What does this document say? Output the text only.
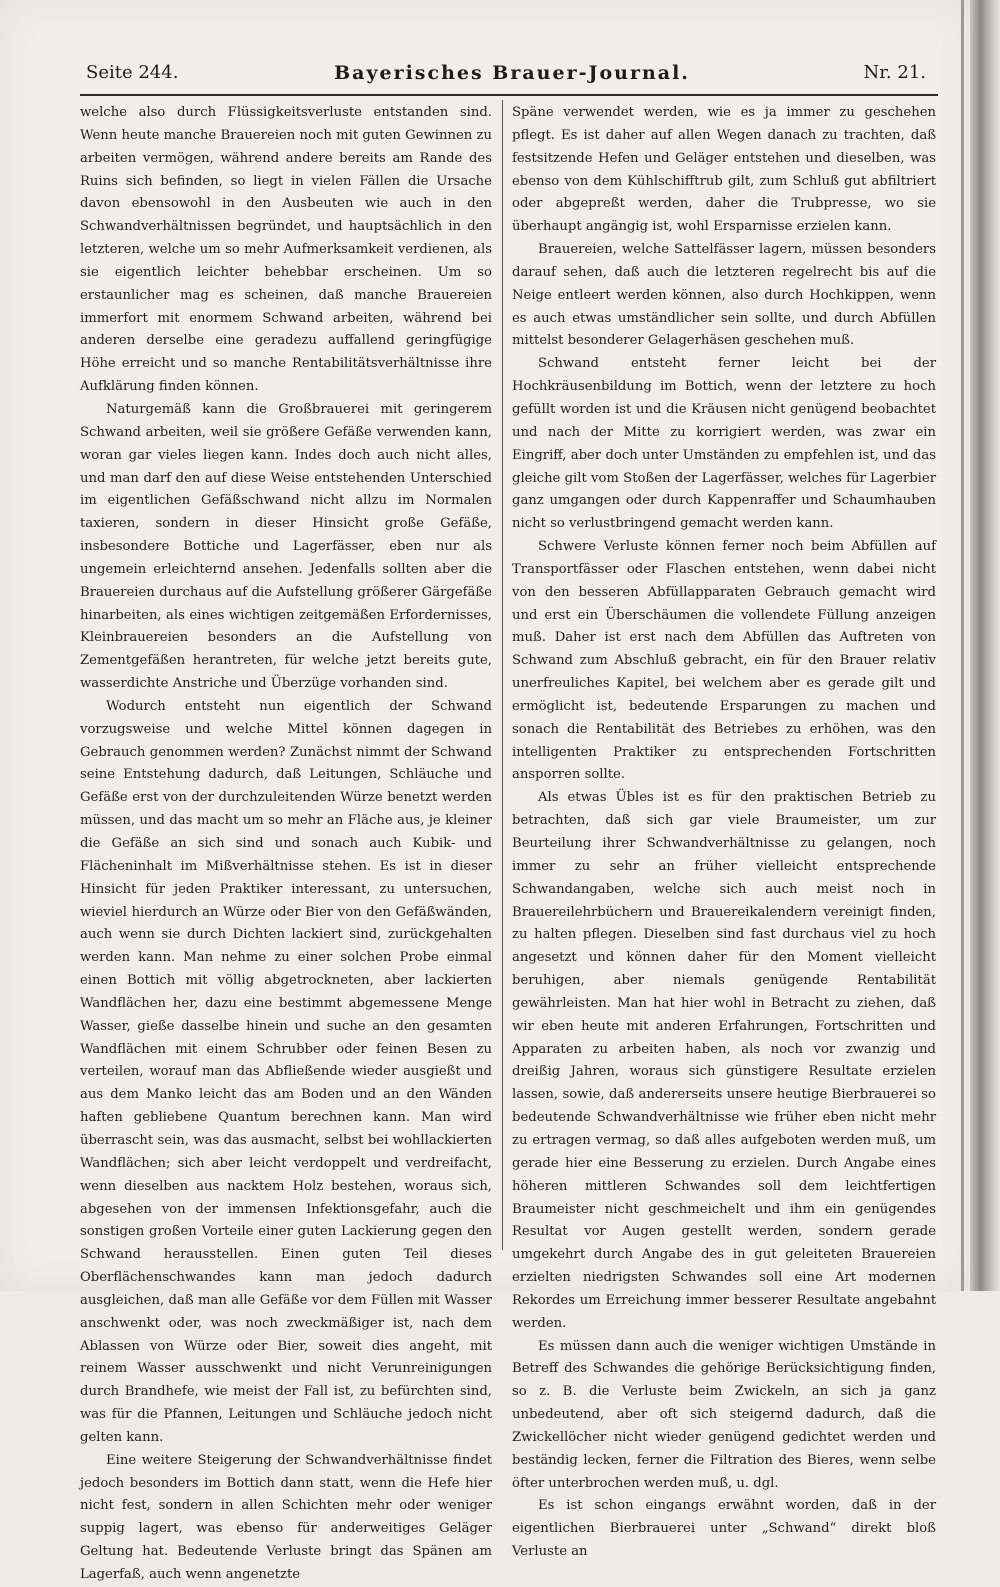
Seite 244.	Bayerisches Brauer-Journal.	Nr. 21.

welche also durch Flüssigkeitsverluste entstanden sind. Wenn heute manche Brauereien noch mit guten Gewinnen zu arbeiten vermögen, während andere bereits am Rande des Ruins sich befinden, so liegt in vielen Fällen die Ursache davon ebensowohl in den Ausbeuten wie auch in den Schwandverhältnissen begründet, und hauptsächlich in den letzteren, welche um so mehr Aufmerksamkeit verdienen, als sie eigentlich leichter behebbar erscheinen. Um so erstaunlicher mag es scheinen, daß manche Brauereien immerfort mit enormem Schwand arbeiten, während bei anderen derselbe eine geradezu auffallend geringfügige Höhe erreicht und so manche Rentabilitätsverhältnisse ihre Aufklärung finden können.

Naturgemäß kann die Großbrauerei mit geringerem Schwand arbeiten, weil sie größere Gefäße verwenden kann, woran gar vieles liegen kann. Indes doch auch nicht alles, und man darf den auf diese Weise entstehenden Unterschied im eigentlichen Gefäßschwand nicht allzu im Normalen taxieren, sondern in dieser Hinsicht große Gefäße, insbesondere Bottiche und Lagerfässer, eben nur als ungemein erleichternd ansehen. Jedenfalls sollten aber die Brauereien durchaus auf die Aufstellung größerer Gärgefäße hinarbeiten, als eines wichtigen zeitgemäßen Erfordernisses, Kleinbrauereien besonders an die Aufstellung von Zementgefäßen herantreten, für welche jetzt bereits gute, wasserdichte Anstriche und Überzüge vorhanden sind.

Wodurch entsteht nun eigentlich der Schwand vorzugsweise und welche Mittel können dagegen in Gebrauch genommen werden? Zunächst nimmt der Schwand seine Entstehung dadurch, daß Leitungen, Schläuche und Gefäße erst von der durchzuleitenden Würze benetzt werden müssen, und das macht um so mehr an Fläche aus, je kleiner die Gefäße an sich sind und sonach auch Kubik- und Flächeninhalt im Mißverhältnisse stehen. Es ist in dieser Hinsicht für jeden Praktiker interessant, zu untersuchen, wieviel hierdurch an Würze oder Bier von den Gefäßwänden, auch wenn sie durch Dichten lackiert sind, zurückgehalten werden kann. Man nehme zu einer solchen Probe einmal einen Bottich mit völlig abgetrockneten, aber lackierten Wandflächen her, dazu eine bestimmt abgemessene Menge Wasser, gieße dasselbe hinein und suche an den gesamten Wandflächen mit einem Schrubber oder feinen Besen zu verteilen, worauf man das Abfließende wieder ausgießt und aus dem Manko leicht das am Boden und an den Wänden haften gebliebene Quantum berechnen kann. Man wird überrascht sein, was das ausmacht, selbst bei wohllackierten Wandflächen; sich aber leicht verdoppelt und verdreifacht, wenn dieselben aus nacktem Holz bestehen, woraus sich, abgesehen von der immensen Infektionsgefahr, auch die sonstigen großen Vorteile einer guten Lackierung gegen den Schwand herausstellen. Einen guten Teil dieses Oberflächenschwandes kann man jedoch dadurch ausgleichen, daß man alle Gefäße vor dem Füllen mit Wasser anschwenkt oder, was noch zweckmäßiger ist, nach dem Ablassen von Würze oder Bier, soweit dies angeht, mit reinem Wasser ausschwenkt und nicht Verunreinigungen durch Brandhefe, wie meist der Fall ist, zu befürchten sind, was für die Pfannen, Leitungen und Schläuche jedoch nicht gelten kann.

Eine weitere Steigerung der Schwandverhältnisse findet jedoch besonders im Bottich dann statt, wenn die Hefe hier nicht fest, sondern in allen Schichten mehr oder weniger suppig lagert, was ebenso für anderweitiges Geläger Geltung hat. Bedeutende Verluste bringt das Spänen am Lagerfaß, auch wenn angenetzte

Späne verwendet werden, wie es ja immer zu geschehen pflegt. Es ist daher auf allen Wegen danach zu trachten, daß festsitzende Hefen und Geläger entstehen und dieselben, was ebenso von dem Kühlschifftrub gilt, zum Schluß gut abfiltriert oder abgepreßt werden, daher die Trubpresse, wo sie überhaupt angängig ist, wohl Ersparnisse erzielen kann.

Brauereien, welche Sattelfässer lagern, müssen besonders darauf sehen, daß auch die letzteren regelrecht bis auf die Neige entleert werden können, also durch Hochkippen, wenn es auch etwas umständlicher sein sollte, und durch Abfüllen mittelst besonderer Gelagerhäsen geschehen muß.

Schwand entsteht ferner leicht bei der Hochkräusenbildung im Bottich, wenn der letztere zu hoch gefüllt worden ist und die Kräusen nicht genügend beobachtet und nach der Mitte zu korrigiert werden, was zwar ein Eingriff, aber doch unter Umständen zu empfehlen ist, und das gleiche gilt vom Stoßen der Lagerfässer, welches für Lagerbier ganz umgangen oder durch Kappenraffer und Schaumhauben nicht so verlustbringend gemacht werden kann.

Schwere Verluste können ferner noch beim Abfüllen auf Transportfässer oder Flaschen entstehen, wenn dabei nicht von den besseren Abfüllapparaten Gebrauch gemacht wird und erst ein Überschäumen die vollendete Füllung anzeigen muß. Daher ist erst nach dem Abfüllen das Auftreten von Schwand zum Abschluß gebracht, ein für den Brauer relativ unerfreuliches Kapitel, bei welchem aber es gerade gilt und ermöglicht ist, bedeutende Ersparungen zu machen und sonach die Rentabilität des Betriebes zu erhöhen, was den intelligenten Praktiker zu entsprechenden Fortschritten ansporren sollte.

Als etwas Übles ist es für den praktischen Betrieb zu betrachten, daß sich gar viele Braumeister, um zur Beurteilung ihrer Schwandverhältnisse zu gelangen, noch immer zu sehr an früher vielleicht entsprechende Schwandangaben, welche sich auch meist noch in Brauereilehrbüchern und Brauereikalendern vereinigt finden, zu halten pflegen. Dieselben sind fast durchaus viel zu hoch angesetzt und können daher für den Moment vielleicht beruhigen, aber niemals genügende Rentabilität gewährleisten. Man hat hier wohl in Betracht zu ziehen, daß wir eben heute mit anderen Erfahrungen, Fortschritten und Apparaten zu arbeiten haben, als noch vor zwanzig und dreißig Jahren, woraus sich günstigere Resultate erzielen lassen, sowie, daß andererseits unsere heutige Bierbrauerei so bedeutende Schwandverhältnisse wie früher eben nicht mehr zu ertragen vermag, so daß alles aufgeboten werden muß, um gerade hier eine Besserung zu erzielen. Durch Angabe eines höheren mittleren Schwandes soll dem leichtfertigen Braumeister nicht geschmeichelt und ihm ein genügendes Resultat vor Augen gestellt werden, sondern gerade umgekehrt durch Angabe des in gut geleiteten Brauereien erzielten niedrigsten Schwandes soll eine Art modernen Rekordes um Erreichung immer besserer Resultate angebahnt werden.

Es müssen dann auch die weniger wichtigen Umstände in Betreff des Schwandes die gehörige Berücksichtigung finden, so z. B. die Verluste beim Zwickeln, an sich ja ganz unbedeutend, aber oft sich steigernd dadurch, daß die Zwickellöcher nicht wieder genügend gedichtet werden und beständig lecken, ferner die Filtration des Bieres, wenn selbe öfter unterbrochen werden muß, u. dgl.

Es ist schon eingangs erwähnt worden, daß in der eigentlichen Bierbrauerei unter „Schwand“ direkt bloß Verluste an
